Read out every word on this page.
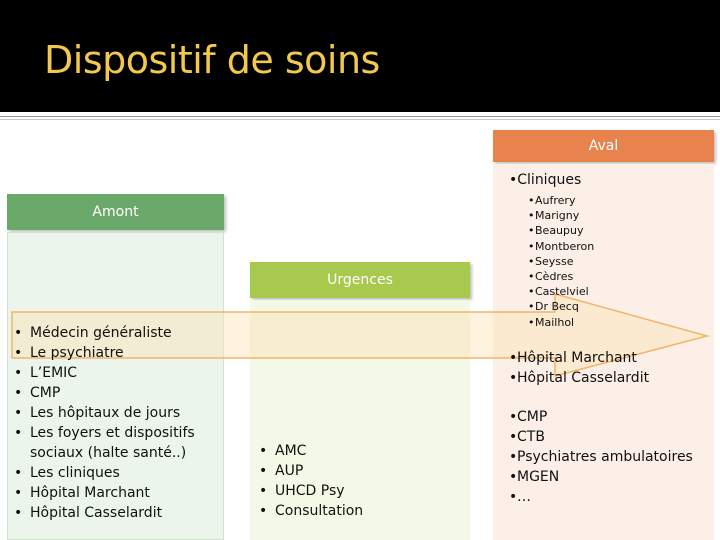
Dispositif de soins
Aval
Amont
Urgences
• Médecin généraliste
• Le psychiatre
• L’EMIC
• CMP
• Les hôpitaux de jours
• Les foyers et dispositifs sociaux (halte santé..)
• Les cliniques
• Hôpital Marchant
• Hôpital Casselardit
• AMC
• AUP
• UHCD Psy
• Consultation
•Cliniques
• Aufrery
• Marigny
• Beaupuy
• Montberon
• Seysse
• Cèdres
• Castelviel
• Dr Becq
• Mailhol
• Hôpital Marchant
• Hôpital Casselardit
• CMP
• CTB
• Psychiatres ambulatoires
• MGEN
• …
